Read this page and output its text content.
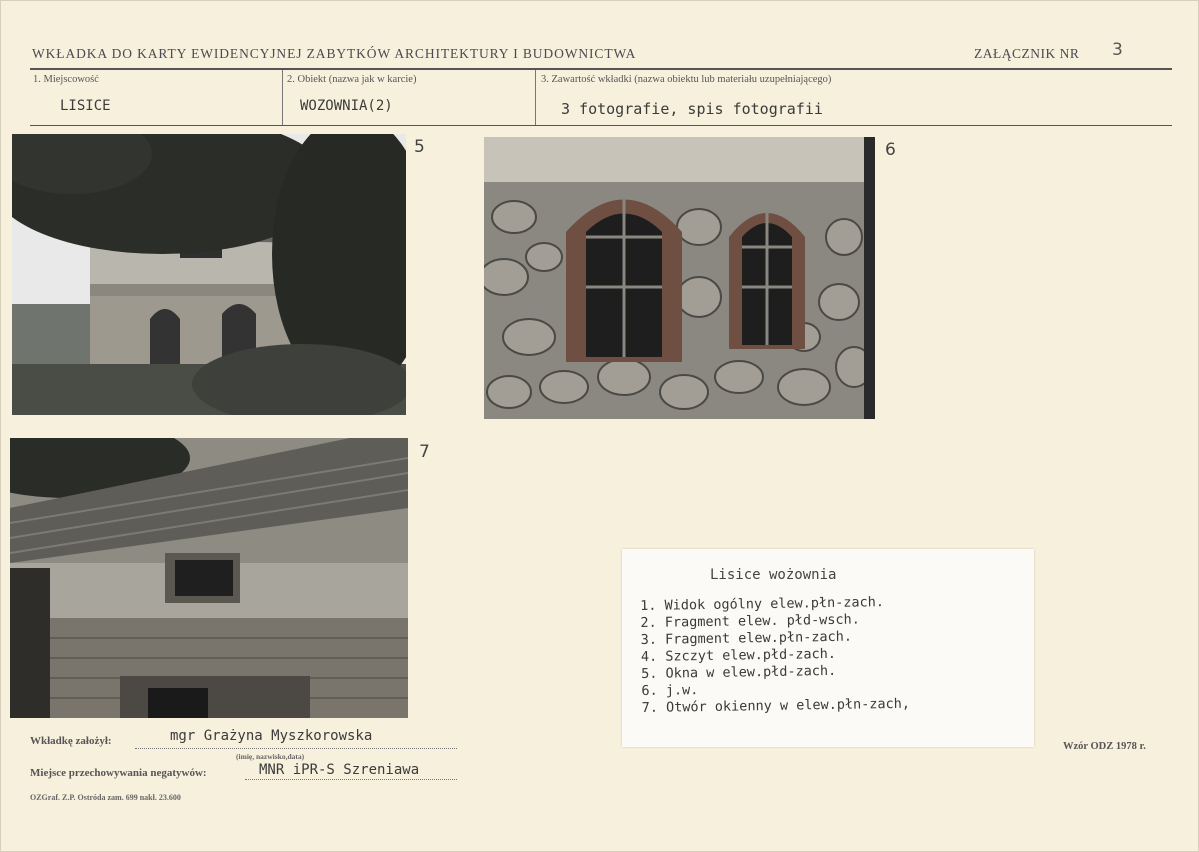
WKŁADKA DO KARTY EWIDENCYJNEJ ZABYTKÓW ARCHITEKTURY I BUDOWNICTWA	ZAŁĄCZNIK NR 3
1. Miejscowość
LISICE
2. Obiekt (nazwa jak w karcie)
WOZOWNIA(2)
3. Zawartość wkładki (nazwa obiektu lub materiału uzupełniającego)
3 fotografie, spis fotografii
5	6
7
Lisice wożownia
1. Widok ogólny elew.płn-zach.
2. Fragment elew. płd-wsch.
3. Fragment elew.płn-zach.
4. Szczyt elew.płd-zach.
5. Okna w elew.płd-zach.
6. j.w.
7. Otwór okienny w elew.płn-zach,
Wkładkę założył:	mgr Grażyna Myszkorowska
(imię, nazwisko,data)
Miejsce przechowywania negatywów:	MNR iPR-S Szreniawa
OZGraf. Z.P. Ostróda zam. 699 nakł. 23.600
Wzór ODZ 1978 r.
